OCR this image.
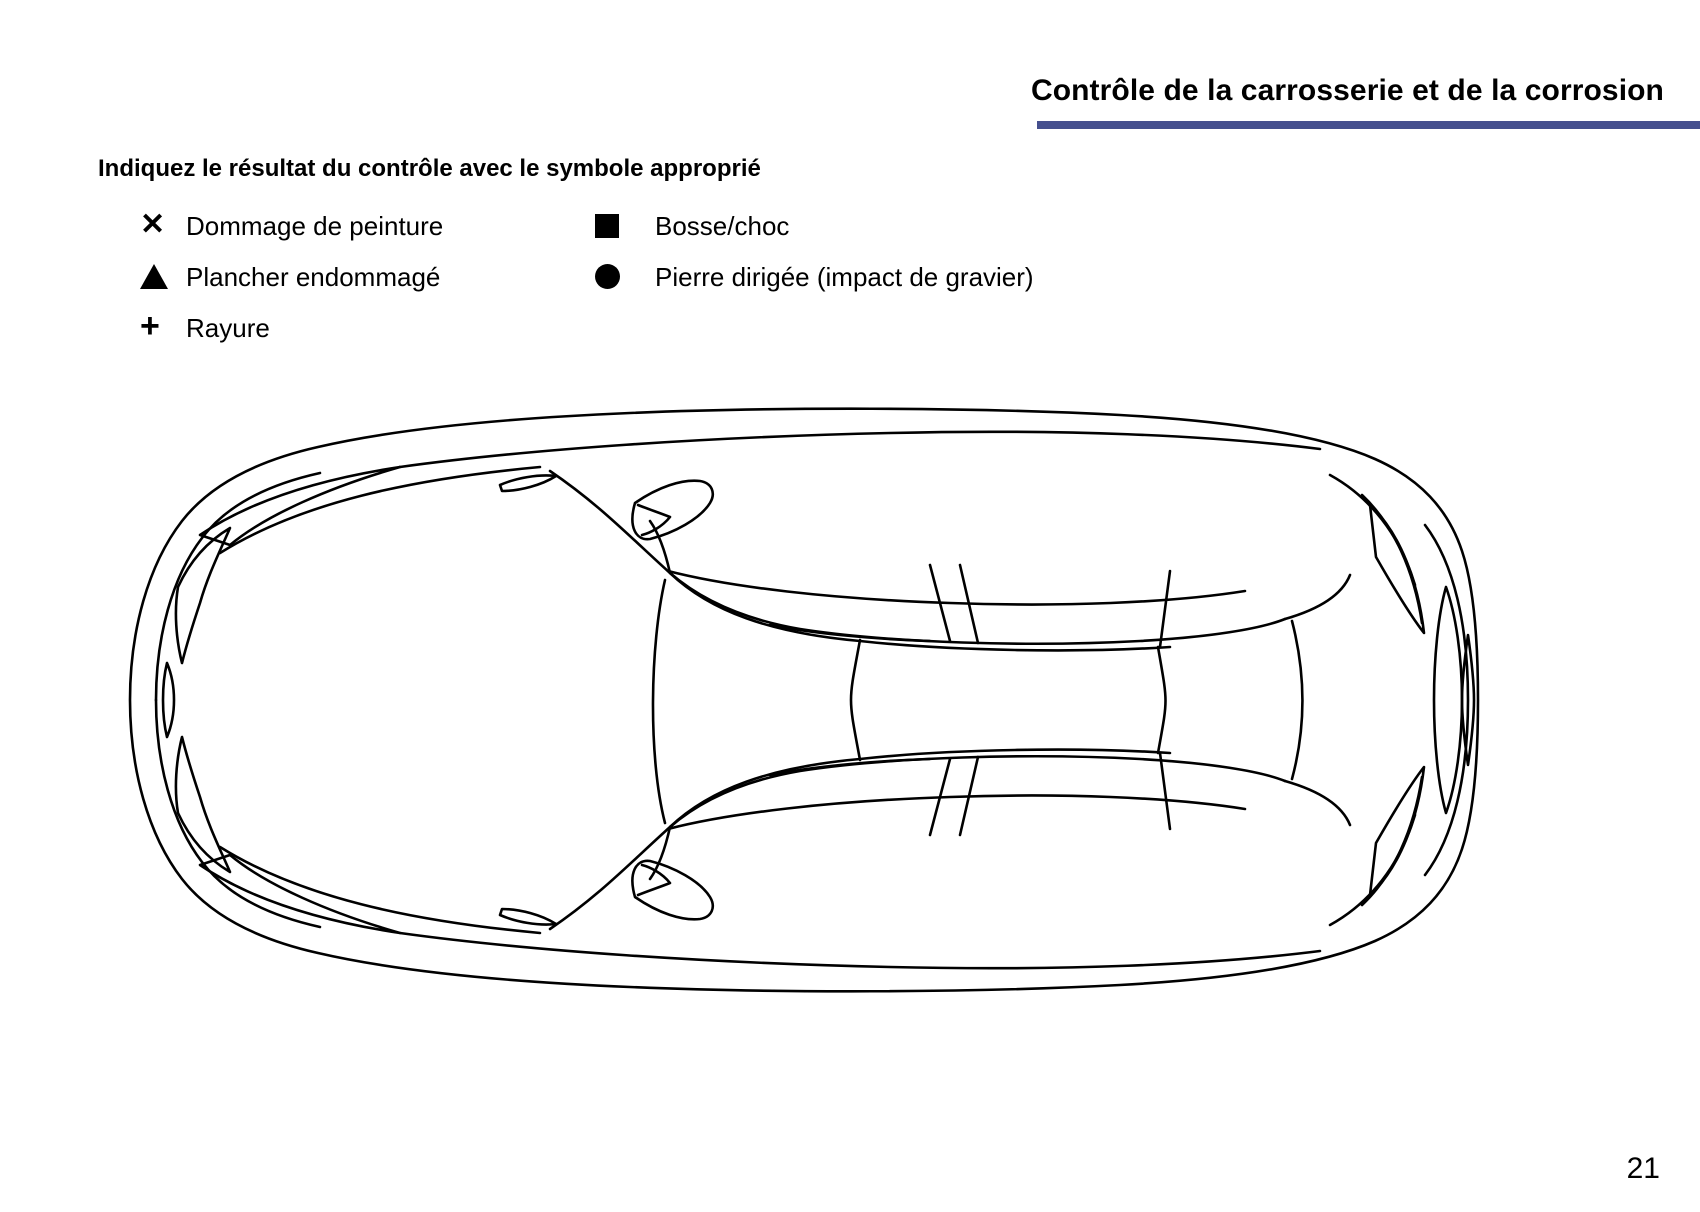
Contrôle de la carrosserie et de la corrosion
Indiquez le résultat du contrôle avec le symbole approprié
✕ Dommage de peinture
Plancher endommagé
+ Rayure
Bosse/choc
Pierre dirigée (impact de gravier)
21
